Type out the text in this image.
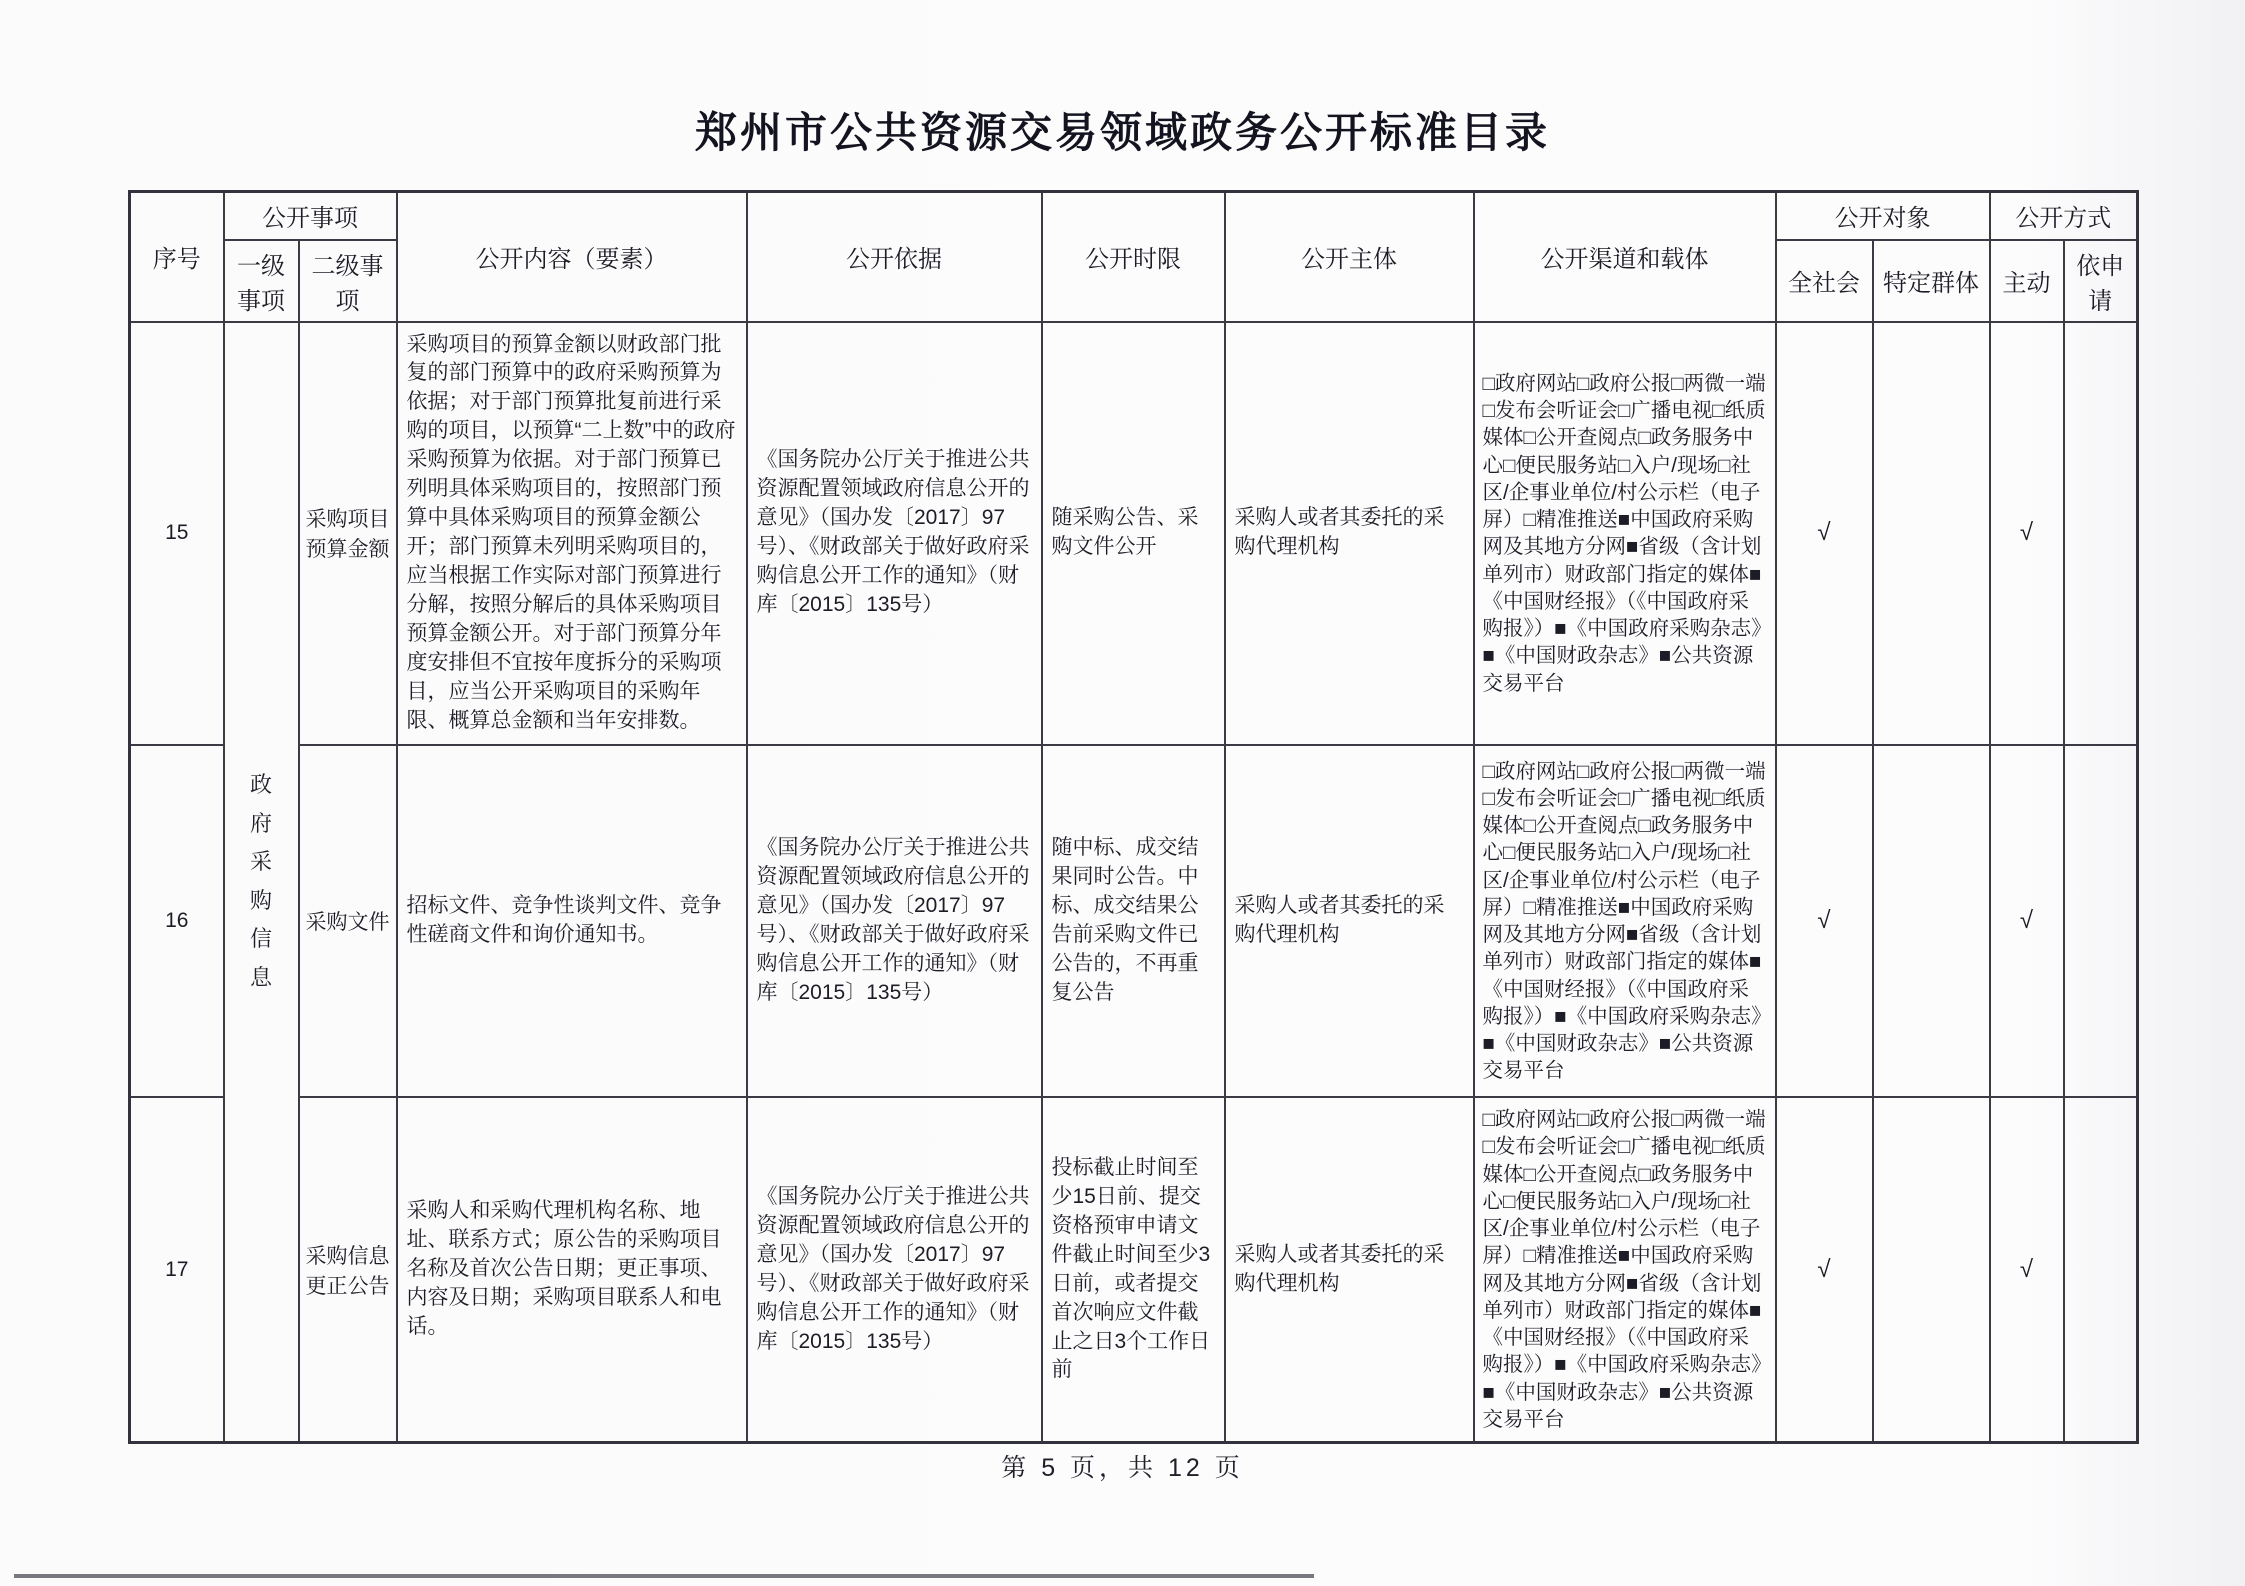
郑州市公共资源交易领域政务公开标准目录
序号	公开事项		公开内容（要素）	公开依据	公开时限	公开主体	公开渠道和载体	公开对象		公开方式	
	一级事项	二级事项						全社会	特定群体	主动	依申请
15	政府采购信息	采购项目预算金额	采购项目的预算金额以财政部门批复的部门预算中的政府采购预算为依据；对于部门预算批复前进行采购的项目，以预算“二上数”中的政府采购预算为依据。对于部门预算已列明具体采购项目的，按照部门预算中具体采购项目的预算金额公开；部门预算未列明采购项目的，应当根据工作实际对部门预算进行分解，按照分解后的具体采购项目预算金额公开。对于部门预算分年度安排但不宜按年度拆分的采购项目，应当公开采购项目的采购年限、概算总金额和当年安排数。	《国务院办公厅关于推进公共资源配置领域政府信息公开的意见》（国办发〔2017〕97号）、《财政部关于做好政府采购信息公开工作的通知》（财库〔2015〕135号）	随采购公告、采购文件公开	采购人或者其委托的采购代理机构	□政府网站□政府公报□两微一端□发布会听证会□广播电视□纸质媒体□公开查阅点□政务服务中心□便民服务站□入户/现场□社区/企事业单位/村公示栏（电子屏）□精准推送■中国政府采购网及其地方分网■省级（含计划单列市）财政部门指定的媒体■《中国财经报》（《中国政府采购报》）■《中国政府采购杂志》■《中国财政杂志》■公共资源交易平台	√		√	
16		采购文件	招标文件、竞争性谈判文件、竞争性磋商文件和询价通知书。	《国务院办公厅关于推进公共资源配置领域政府信息公开的意见》（国办发〔2017〕97号）、《财政部关于做好政府采购信息公开工作的通知》（财库〔2015〕135号）	随中标、成交结果同时公告。中标、成交结果公告前采购文件已公告的，不再重复公告	采购人或者其委托的采购代理机构	□政府网站□政府公报□两微一端□发布会听证会□广播电视□纸质媒体□公开查阅点□政务服务中心□便民服务站□入户/现场□社区/企事业单位/村公示栏（电子屏）□精准推送■中国政府采购网及其地方分网■省级（含计划单列市）财政部门指定的媒体■《中国财经报》（《中国政府采购报》）■《中国政府采购杂志》■《中国财政杂志》■公共资源交易平台	√		√	
17		采购信息更正公告	采购人和采购代理机构名称、地址、联系方式；原公告的采购项目名称及首次公告日期；更正事项、内容及日期；采购项目联系人和电话。	《国务院办公厅关于推进公共资源配置领域政府信息公开的意见》（国办发〔2017〕97号）、《财政部关于做好政府采购信息公开工作的通知》（财库〔2015〕135号）	投标截止时间至少15日前、提交资格预审申请文件截止时间至少3日前，或者提交首次响应文件截止之日3个工作日前	采购人或者其委托的采购代理机构	□政府网站□政府公报□两微一端□发布会听证会□广播电视□纸质媒体□公开查阅点□政务服务中心□便民服务站□入户/现场□社区/企事业单位/村公示栏（电子屏）□精准推送■中国政府采购网及其地方分网■省级（含计划单列市）财政部门指定的媒体■《中国财经报》（《中国政府采购报》）■《中国政府采购杂志》■《中国财政杂志》■公共资源交易平台	√		√	
第 5 页，共 12 页
